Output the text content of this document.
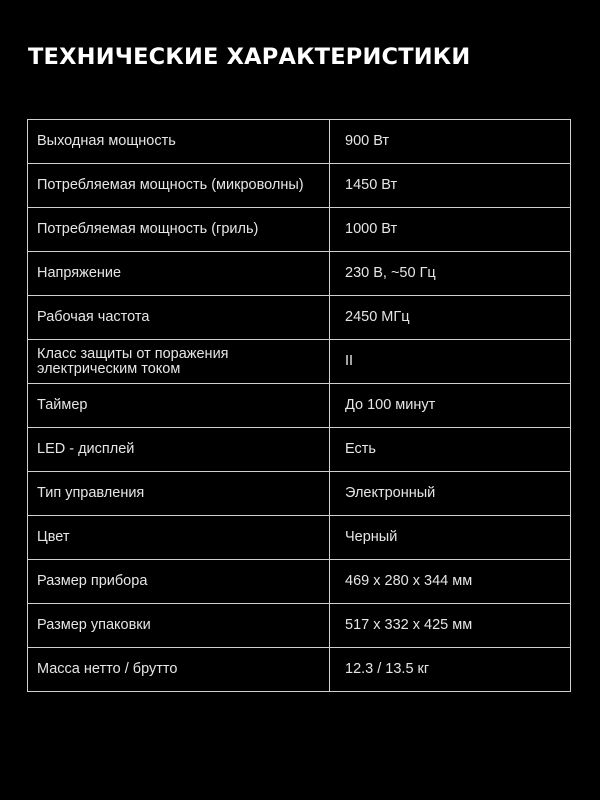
ТЕХНИЧЕСКИЕ ХАРАКТЕРИСТИКИ
Выходная мощность	900 Вт
Потребляемая мощность (микроволны)	1450 Вт
Потребляемая мощность (гриль)	1000 Вт
Напряжение	230 В, ~50 Гц
Рабочая частота	2450 МГц
Класс защиты от поражения электрическим током	II
Таймер	До 100 минут
LED - дисплей	Есть
Тип управления	Электронный
Цвет	Черный
Размер прибора	469 x 280 x 344 мм
Размер упаковки	517 x 332 x 425 мм
Масса нетто / брутто	12.3 / 13.5 кг
